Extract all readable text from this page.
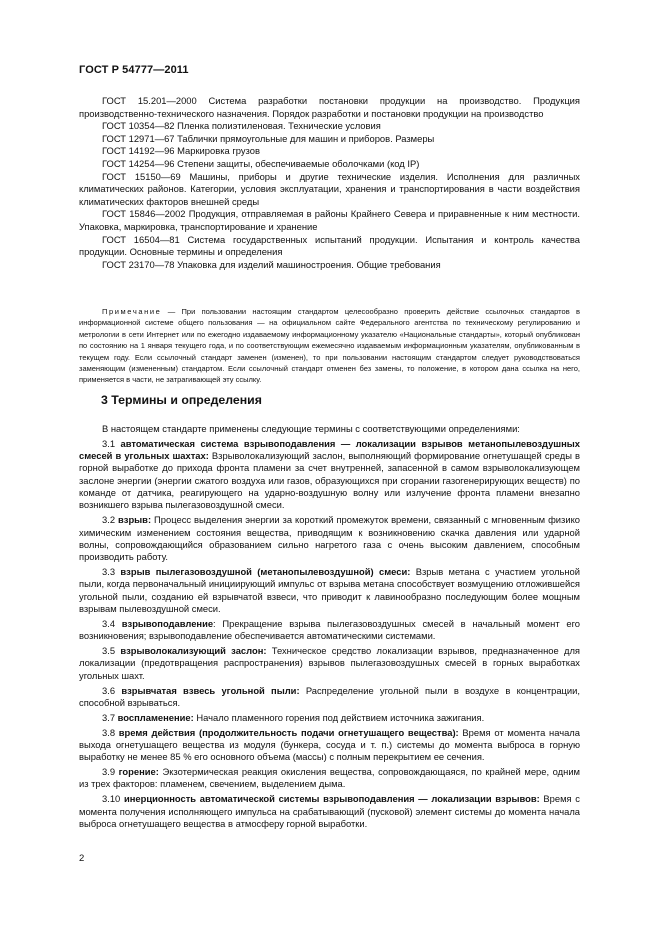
ГОСТ Р 54777—2011

ГОСТ 15.201—2000 Система разработки постановки продукции на производство. Продукция производственно-технического назначения. Порядок разработки и постановки продукции на производство

ГОСТ 10354—82 Пленка полиэтиленовая. Технические условия

ГОСТ 12971—67 Таблички прямоугольные для машин и приборов. Размеры

ГОСТ 14192—96 Маркировка грузов

ГОСТ 14254—96 Степени защиты, обеспечиваемые оболочками (код IP)

ГОСТ 15150—69 Машины, приборы и другие технические изделия. Исполнения для различных климатических районов. Категории, условия эксплуатации, хранения и транспортирования в части воздействия климатических факторов внешней среды

ГОСТ 15846—2002 Продукция, отправляемая в районы Крайнего Севера и приравненные к ним местности. Упаковка, маркировка, транспортирование и хранение

ГОСТ 16504—81 Система государственных испытаний продукции. Испытания и контроль качества продукции. Основные термины и определения

ГОСТ 23170—78 Упаковка для изделий машиностроения. Общие требования

Примечание — При пользовании настоящим стандартом целесообразно проверить действие ссылочных стандартов в информационной системе общего пользования — на официальном сайте Федерального агентства по техническому регулированию и метрологии в сети Интернет или по ежегодно издаваемому информационному указателю «Национальные стандарты», который опубликован по состоянию на 1 января текущего года, и по соответствующим ежемесячно издаваемым информационным указателям, опубликованным в текущем году. Если ссылочный стандарт заменен (изменен), то при пользовании настоящим стандартом следует руководствоваться заменяющим (измененным) стандартом. Если ссылочный стандарт отменен без замены, то положение, в котором дана ссылка на него, применяется в части, не затрагивающей эту ссылку.

3 Термины и определения

В настоящем стандарте применены следующие термины с соответствующими определениями:

3.1 автоматическая система взрывоподавления — локализации взрывов метанопылевоздушных смесей в угольных шахтах: Взрыволокализующий заслон, выполняющий формирование огнетушащей среды в горной выработке до прихода фронта пламени за счет внутренней, запасенной в самом взрыволокализующем заслоне энергии (энергии сжатого воздуха или газов, образующихся при сгорании газогенерирующих веществ) по команде от датчика, реагирующего на ударно-воздушную волну или излучение фронта пламени внезапно возникшего взрыва пылегазовоздушной смеси.

3.2 взрыв: Процесс выделения энергии за короткий промежуток времени, связанный с мгновенным физико химическим изменением состояния вещества, приводящим к возникновению скачка давления или ударной волны, сопровождающийся образованием сильно нагретого газа с очень высоким давлением, способным производить работу.

3.3 взрыв пылегазовоздушной (метанопылевоздушной) смеси: Взрыв метана с участием угольной пыли, когда первоначальный инициирующий импульс от взрыва метана способствует возмущению отложившейся угольной пыли, созданию ей взрывчатой взвеси, что приводит к лавинообразно последующим более мощным взрывам пылевоздушной смеси.

3.4 взрывоподавление: Прекращение взрыва пылегазовоздушных смесей в начальный момент его возникновения; взрывоподавление обеспечивается автоматическими системами.

3.5 взрыволокализующий заслон: Техническое средство локализации взрывов, предназначенное для локализации (предотвращения распространения) взрывов пылегазовоздушных смесей в горных выработках угольных шахт.

3.6 взрывчатая взвесь угольной пыли: Распределение угольной пыли в воздухе в концентрации, способной взрываться.

3.7 воспламенение: Начало пламенного горения под действием источника зажигания.

3.8 время действия (продолжительность подачи огнетушащего вещества): Время от момента начала выхода огнетушащего вещества из модуля (бункера, сосуда и т. п.) системы до момента выброса в горную выработку не менее 85 % его основного объема (массы) с полным перекрытием ее сечения.

3.9 горение: Экзотермическая реакция окисления вещества, сопровождающаяся, по крайней мере, одним из трех факторов: пламенем, свечением, выделением дыма.

3.10 инерционность автоматической системы взрывоподавления — локализации взрывов: Время с момента получения исполняющего импульса на срабатывающий (пусковой) элемент системы до момента начала выброса огнетушащего вещества в атмосферу горной выработки.

2
